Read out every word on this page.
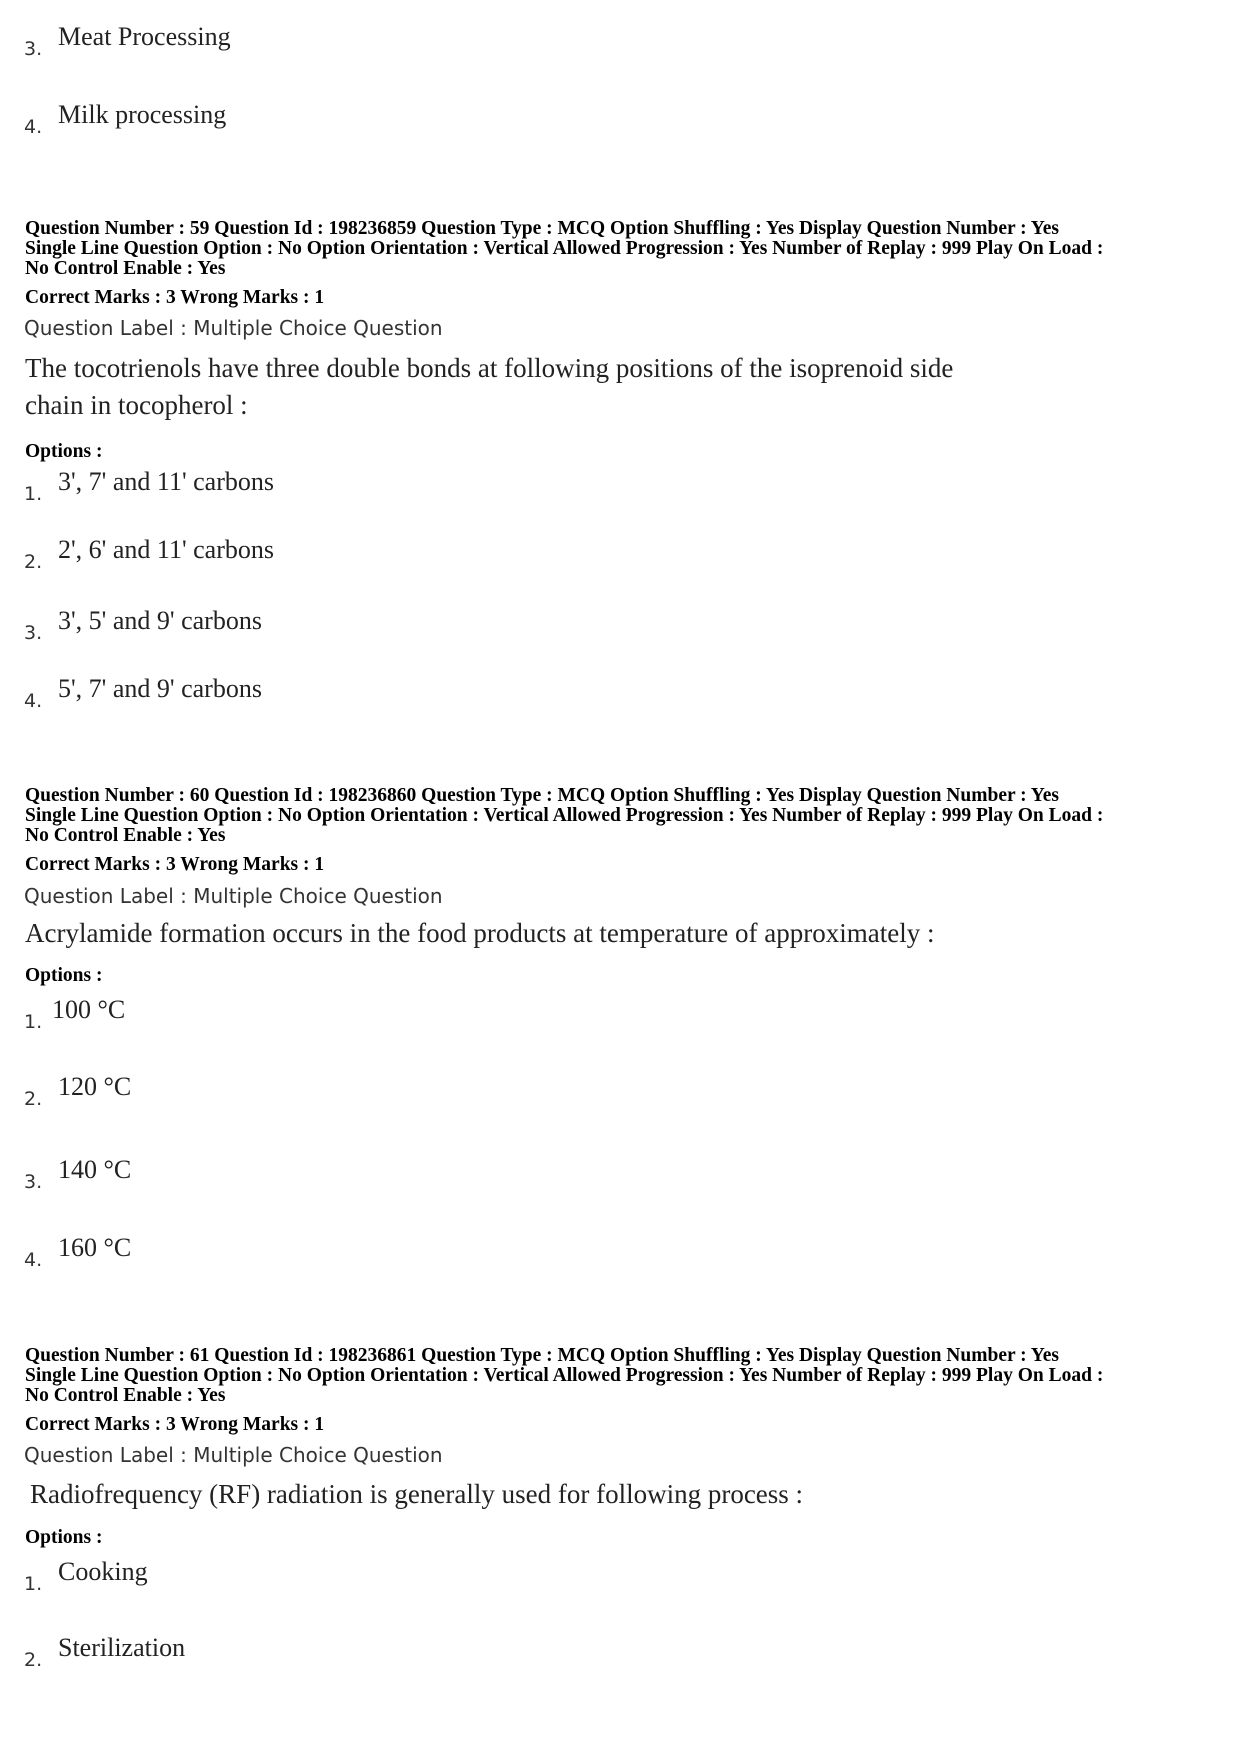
3. Meat Processing
4. Milk processing
Question Number : 59 Question Id : 198236859 Question Type : MCQ Option Shuffling : Yes Display Question Number : Yes
Single Line Question Option : No Option Orientation : Vertical Allowed Progression : Yes Number of Replay : 999 Play On Load :
No Control Enable : Yes
Correct Marks : 3 Wrong Marks : 1
Question Label : Multiple Choice Question
The tocotrienols have three double bonds at following positions of the isoprenoid side
chain in tocopherol :
Options :
1. 3', 7' and 11' carbons
2. 2', 6' and 11' carbons
3. 3', 5' and 9' carbons
4. 5', 7' and 9' carbons
Question Number : 60 Question Id : 198236860 Question Type : MCQ Option Shuffling : Yes Display Question Number : Yes
Single Line Question Option : No Option Orientation : Vertical Allowed Progression : Yes Number of Replay : 999 Play On Load :
No Control Enable : Yes
Correct Marks : 3 Wrong Marks : 1
Question Label : Multiple Choice Question
Acrylamide formation occurs in the food products at temperature of approximately :
Options :
1. 100 °C
2. 120 °C
3. 140 °C
4. 160 °C
Question Number : 61 Question Id : 198236861 Question Type : MCQ Option Shuffling : Yes Display Question Number : Yes
Single Line Question Option : No Option Orientation : Vertical Allowed Progression : Yes Number of Replay : 999 Play On Load :
No Control Enable : Yes
Correct Marks : 3 Wrong Marks : 1
Question Label : Multiple Choice Question
Radiofrequency (RF) radiation is generally used for following process :
Options :
1. Cooking
2. Sterilization
